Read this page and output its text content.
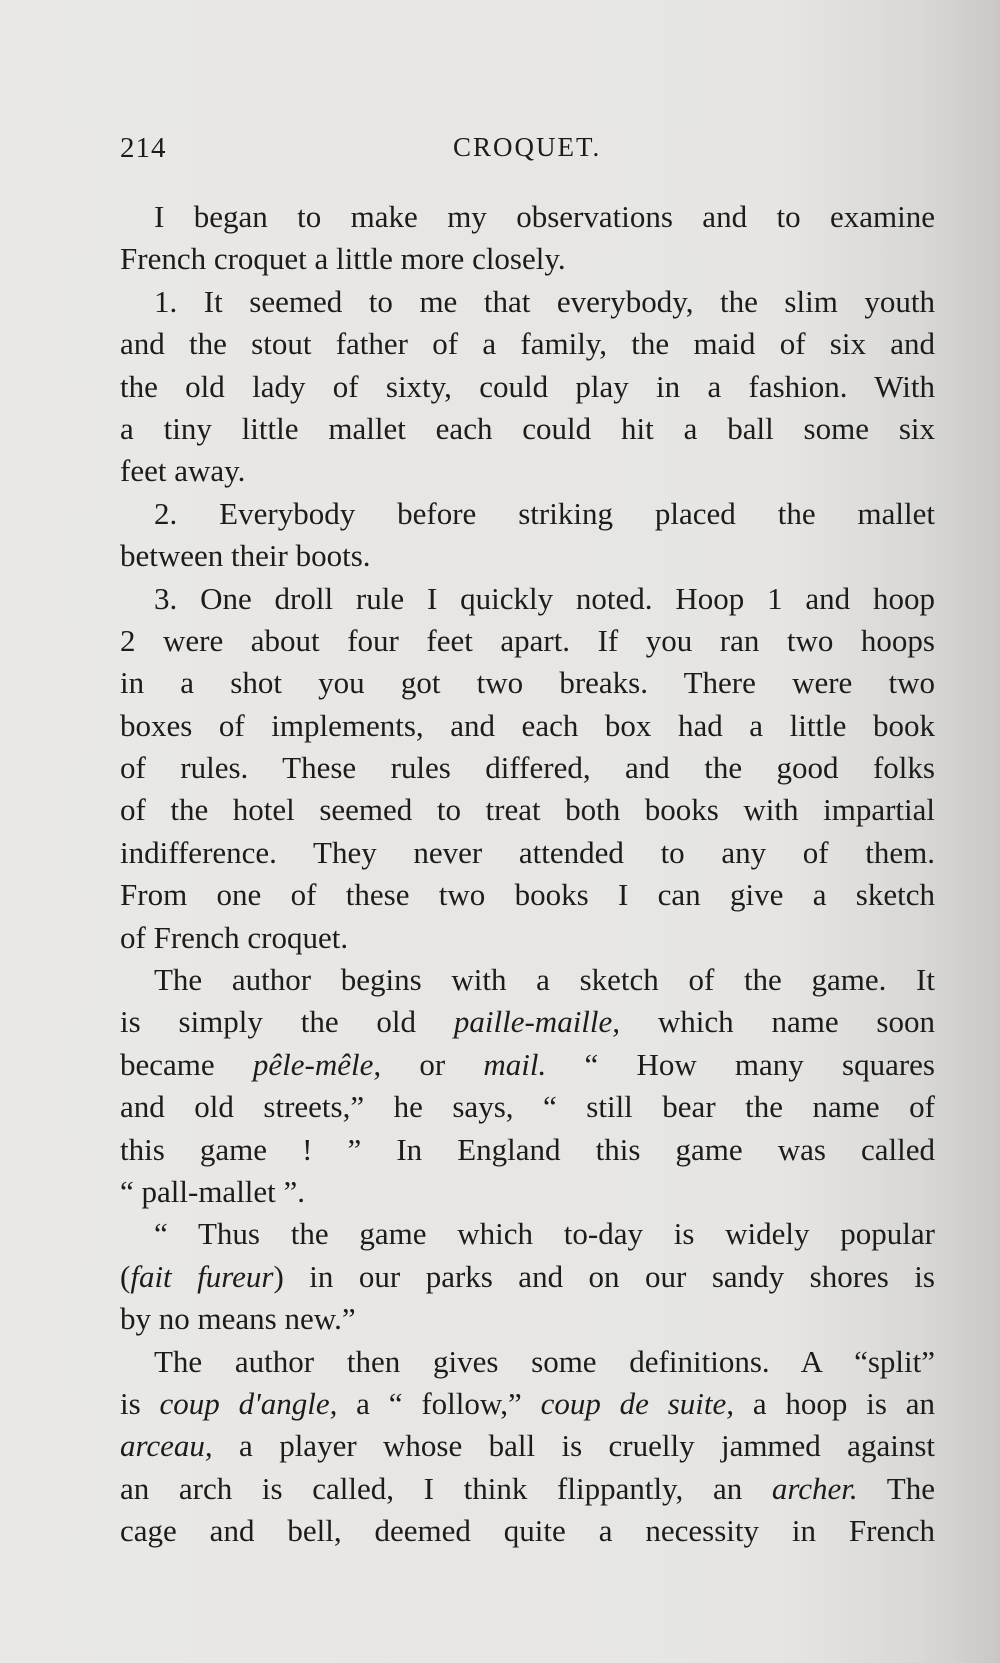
214	CROQUET.
I began to make my observations and to examine
French croquet a little more closely.
1. It seemed to me that everybody, the slim youth
and the stout father of a family, the maid of six and
the old lady of sixty, could play in a fashion. With
a tiny little mallet each could hit a ball some six
feet away.
2. Everybody before striking placed the mallet
between their boots.
3. One droll rule I quickly noted. Hoop 1 and hoop
2 were about four feet apart. If you ran two hoops
in a shot you got two breaks. There were two
boxes of implements, and each box had a little book
of rules. These rules differed, and the good folks
of the hotel seemed to treat both books with impartial
indifference. They never attended to any of them.
From one of these two books I can give a sketch
of French croquet.
The author begins with a sketch of the game. It
is simply the old paille-maille, which name soon
became pêle-mêle, or mail. “ How many squares
and old streets,” he says, “ still bear the name of
this game ! ” In England this game was called
“ pall-mallet ”.
“ Thus the game which to-day is widely popular
(fait fureur) in our parks and on our sandy shores is
by no means new.”
The author then gives some definitions. A “split”
is coup d'angle, a “ follow,” coup de suite, a hoop is an
arceau, a player whose ball is cruelly jammed against
an arch is called, I think flippantly, an archer. The
cage and bell, deemed quite a necessity in French
